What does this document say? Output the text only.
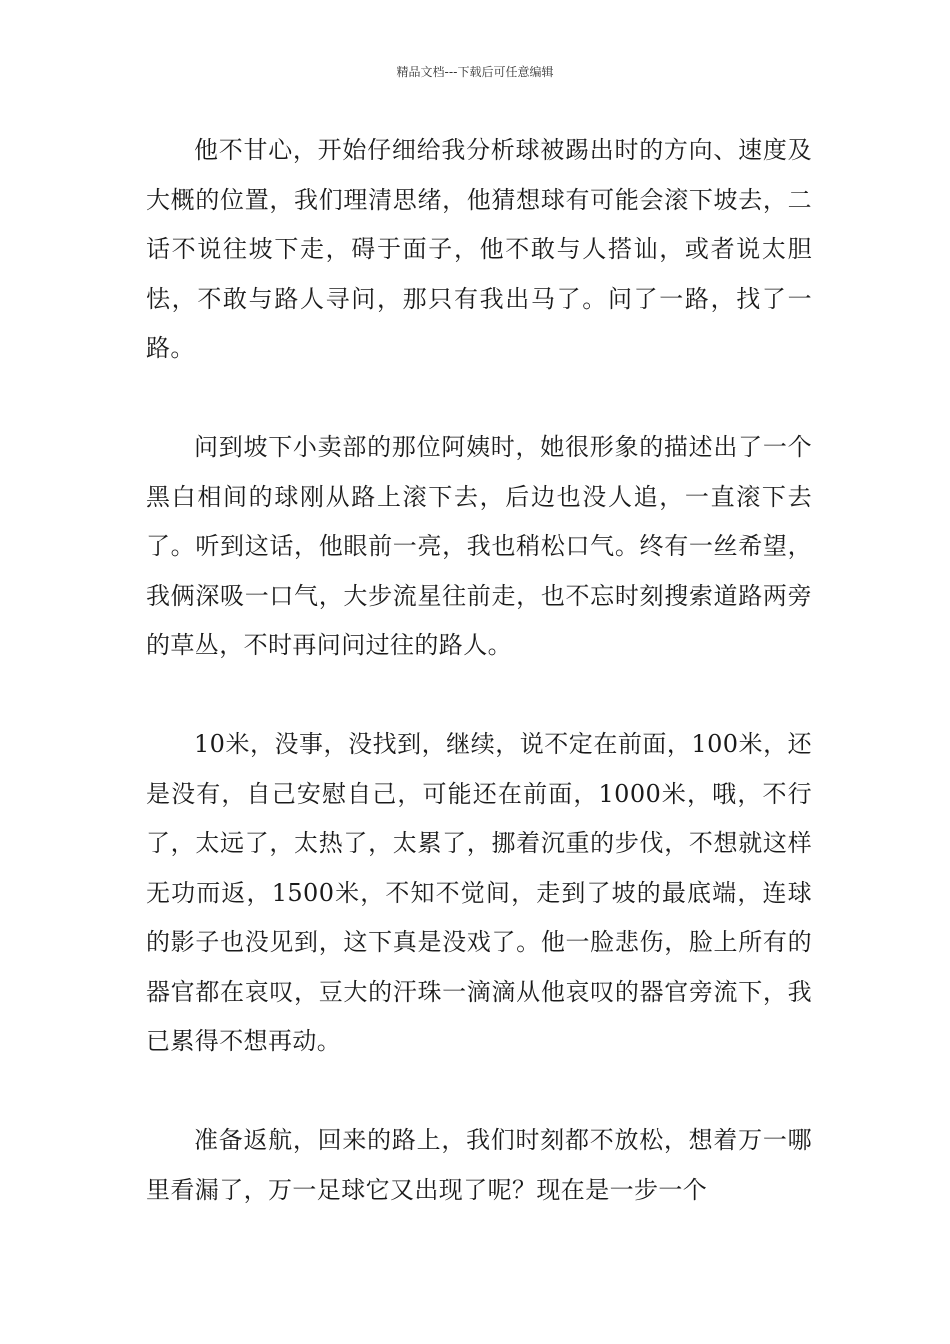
精品文档---下载后可任意编辑

他不甘心，开始仔细给我分析球被踢出时的方向、速度及大概的位置，我们理清思绪，他猜想球有可能会滚下坡去，二话不说往坡下走，碍于面子，他不敢与人搭讪，或者说太胆怯，不敢与路人寻问，那只有我出马了。问了一路，找了一路。

问到坡下小卖部的那位阿姨时，她很形象的描述出了一个黑白相间的球刚从路上滚下去，后边也没人追，一直滚下去了。听到这话，他眼前一亮，我也稍松口气。终有一丝希望，我俩深吸一口气，大步流星往前走，也不忘时刻搜索道路两旁的草丛，不时再问问过往的路人。

10米，没事，没找到，继续，说不定在前面，100米，还是没有，自己安慰自己，可能还在前面，1000米，哦，不行了，太远了，太热了，太累了，挪着沉重的步伐，不想就这样无功而返，1500米，不知不觉间，走到了坡的最底端，连球的影子也没见到，这下真是没戏了。他一脸悲伤，脸上所有的器官都在哀叹，豆大的汗珠一滴滴从他哀叹的器官旁流下，我已累得不想再动。

准备返航，回来的路上，我们时刻都不放松，想着万一哪里看漏了，万一足球它又出现了呢？现在是一步一个
